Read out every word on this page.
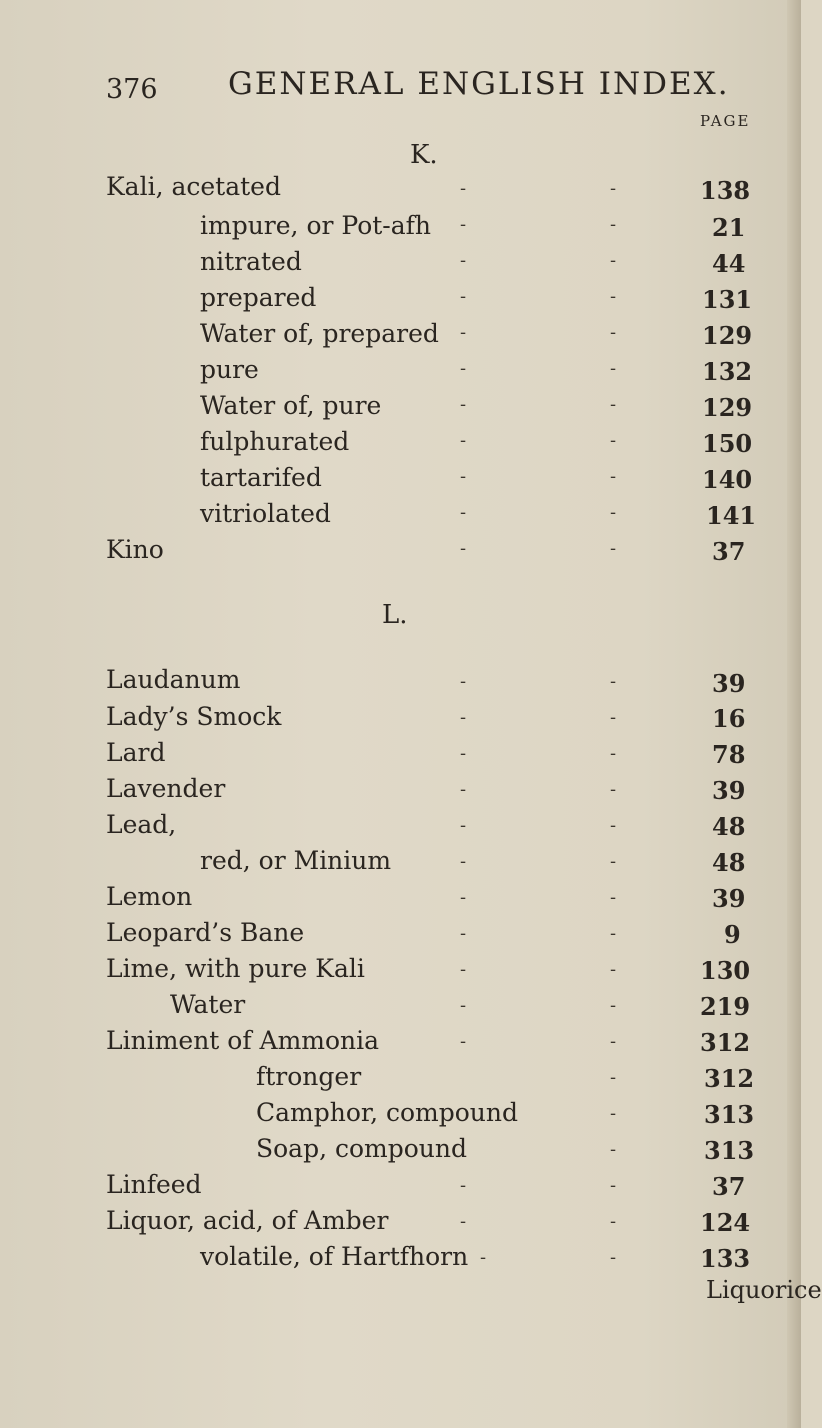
376 GENERAL ENGLISH INDEX.
PAGE
K.
Kali, acetated	138
impure, or Pot-afh	21
nitrated	44
prepared	131
Water of, prepared	129
pure	132
Water of, pure	129
fulphurated	150
tartarifed	140
vitriolated	141
Kino	37
L.
Laudanum	39
Lady’s Smock	16
Lard	78
Lavender	39
Lead,	48
red, or Minium	48
Lemon	39
Leopard’s Bane	9
Lime, with pure Kali	130
Water	219
Liniment of Ammonia	312
ftronger	312
Camphor, compound	313
Soap, compound	313
Linfeed	37
Liquor, acid, of Amber	124
volatile, of Hartfhorn	133
-	-
-	-
-	-
-	-
-	-
-	-
-	-
-	-
-	-
-	-
-	-
-	-
-	-
-	-
-	-
-	-
-	-
-	-
-	-
-	-
-	-
-	-
-
-
-
-	-
-	-
-	-
Liquorice
